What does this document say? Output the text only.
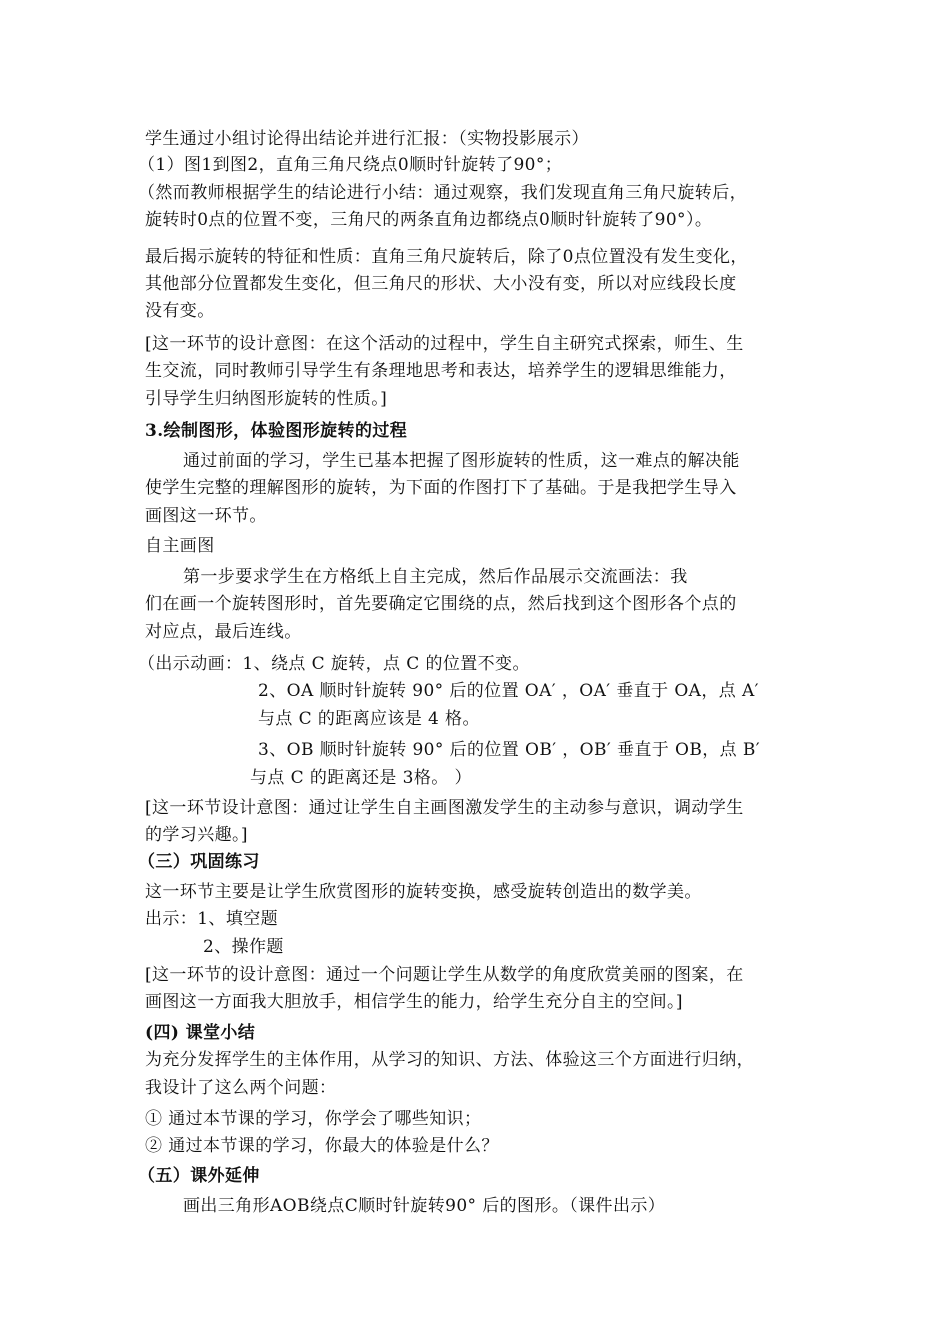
学生通过小组讨论得出结论并进行汇报：（实物投影展示）
（1）图1到图2，直角三角尺绕点0顺时针旋转了90°；
（然而教师根据学生的结论进行小结：通过观察，我们发现直角三角尺旋转后，
旋转时0点的位置不变，三角尺的两条直角边都绕点0顺时针旋转了90°）。
最后揭示旋转的特征和性质：直角三角尺旋转后，除了0点位置没有发生变化，
其他部分位置都发生变化，但三角尺的形状、大小没有变，所以对应线段长度
没有变。
[这一环节的设计意图：在这个活动的过程中，学生自主研究式探索，师生、生
生交流，同时教师引导学生有条理地思考和表达，培养学生的逻辑思维能力，
引导学生归纳图形旋转的性质。]
3.绘制图形，体验图形旋转的过程
通过前面的学习，学生已基本把握了图形旋转的性质，这一难点的解决能
使学生完整的理解图形的旋转，为下面的作图打下了基础。于是我把学生导入
画图这一环节。
自主画图
第一步要求学生在方格纸上自主完成，然后作品展示交流画法：我
们在画一个旋转图形时，首先要确定它围绕的点，然后找到这个图形各个点的
对应点，最后连线。
（出示动画：1、绕点 C 旋转，点 C 的位置不变。
2、OA 顺时针旋转 90° 后的位置 OA′ ，OA′ 垂直于 OA，点 A′
与点 C 的距离应该是 4 格。
3、OB 顺时针旋转 90° 后的位置 OB′ ，OB′ 垂直于 OB，点 B′
与点 C 的距离还是 3格。 ）
[这一环节设计意图：通过让学生自主画图激发学生的主动参与意识，调动学生
的学习兴趣。]
（三）巩固练习
这一环节主要是让学生欣赏图形的旋转变换，感受旋转创造出的数学美。
出示：1、填空题
2、操作题
[这一环节的设计意图：通过一个问题让学生从数学的角度欣赏美丽的图案，在
画图这一方面我大胆放手，相信学生的能力，给学生充分自主的空间。]
(四) 课堂小结
为充分发挥学生的主体作用，从学习的知识、方法、体验这三个方面进行归纳，
我设计了这么两个问题：
① 通过本节课的学习，你学会了哪些知识；
② 通过本节课的学习，你最大的体验是什么？
（五）课外延伸
画出三角形AOB绕点C顺时针旋转90° 后的图形。（课件出示）
